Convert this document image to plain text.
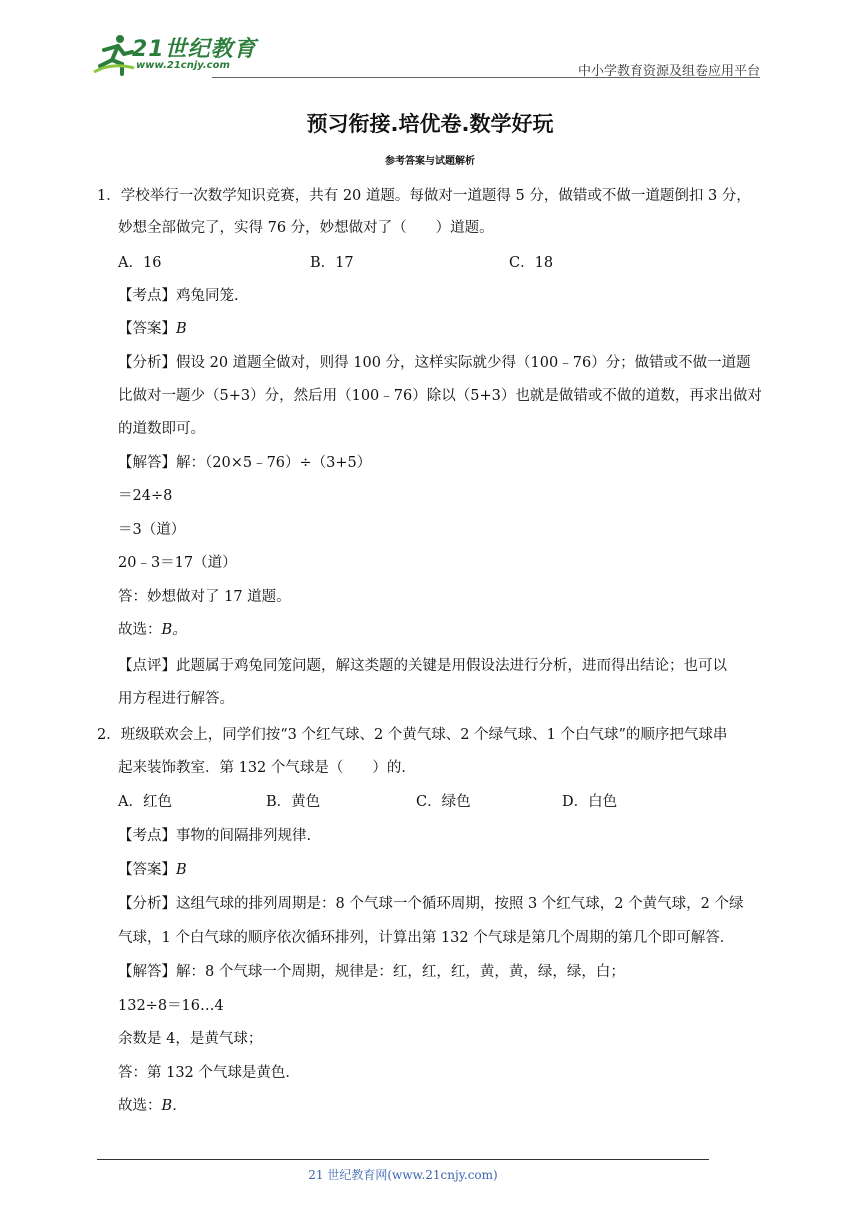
21世纪教育
www.21cnjy.com	中小学教育资源及组卷应用平台
预习衔接.培优卷.数学好玩
参考答案与试题解析
1．学校举行一次数学知识竞赛，共有 20 道题。每做对一道题得 5 分，做错或不做一道题倒扣 3 分，
妙想全部做完了，实得 76 分，妙想做对了（　　）道题。
A．16	B．17	C．18
【考点】鸡兔同笼.
【答案】B
【分析】假设 20 道题全做对，则得 100 分，这样实际就少得（100﹣76）分；做错或不做一道题
比做对一题少（5+3）分，然后用（100﹣76）除以（5+3）也就是做错或不做的道数，再求出做对
的道数即可。
【解答】解：（20×5﹣76）÷（3+5）
＝24÷8
＝3（道）
20﹣3＝17（道）
答：妙想做对了 17 道题。
故选：B。
【点评】此题属于鸡兔同笼问题，解这类题的关键是用假设法进行分析，进而得出结论；也可以
用方程进行解答。
2．班级联欢会上，同学们按“3 个红气球、2 个黄气球、2 个绿气球、1 个白气球”的顺序把气球串
起来装饰教室．第 132 个气球是（　　）的．
A．红色	B．黄色	C．绿色	D．白色
【考点】事物的间隔排列规律.
【答案】B
【分析】这组气球的排列周期是：8 个气球一个循环周期，按照 3 个红气球，2 个黄气球，2 个绿
气球，1 个白气球的顺序依次循环排列，计算出第 132 个气球是第几个周期的第几个即可解答．
【解答】解：8 个气球一个周期，规律是：红，红，红，黄，黄，绿，绿，白；
132÷8＝16…4
余数是 4，是黄气球；
答：第 132 个气球是黄色．
故选：B．
21 世纪教育网(www.21cnjy.com)
